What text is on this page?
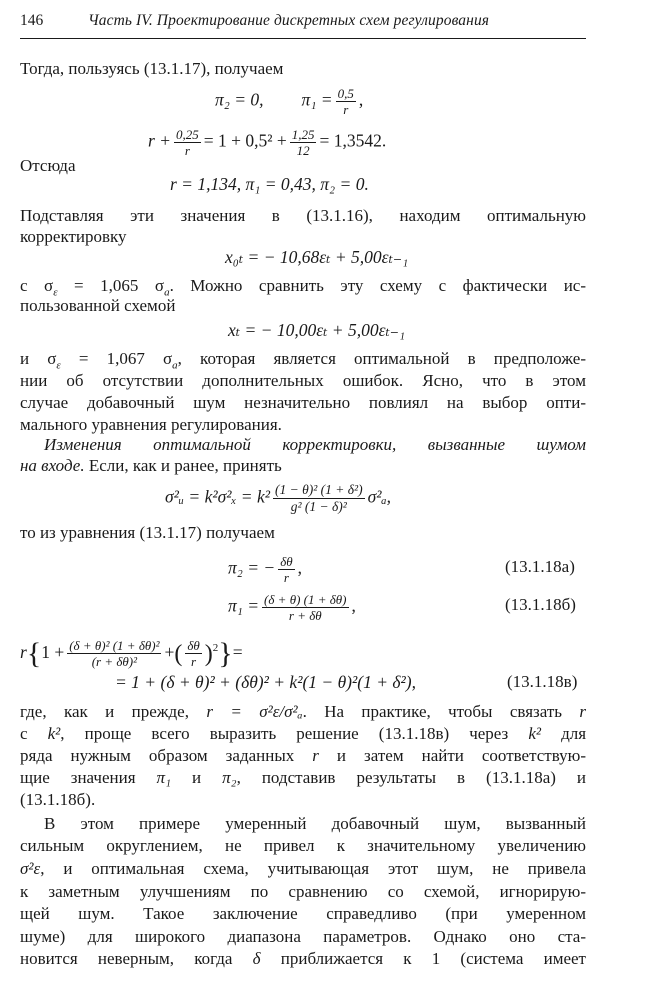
146	Часть IV. Проектирование дискретных схем регулирования
Тогда, пользуясь (13.1.17), получаем
π₂ = 0, $\pi_1 = \frac{0,5}{r}$ ,
$r + \frac{0,25}{r} = 1 + 0,5^2 + \frac{1,25}{12} = 1,3542$.
Отсюда
r = 1,134, π₁ = 0,43, π₂ = 0.
Подставляя эти значения в (13.1.16), находим оптимальную
корректировку
x₀ₜ = − 10,68εₜ + 5,00εₜ₋₁
с $\sigma_\varepsilon = 1,065$ $\sigma_a$. Можно сравнить эту схему с фактически ис-
пользованной схемой
xₜ = − 10,00εₜ + 5,00εₜ₋₁
и $\sigma_\varepsilon = 1,067$ $\sigma_a$, которая является оптимальной в предположе-
нии об отсутствии дополнительных ошибок. Ясно, что в этом
случае добавочный шум незначительно повлиял на выбор опти-
мального уравнения регулирования.
Изменения оптимальной корректировки, вызванные шумом
на входе. Если, как и ранее, принять
σ²ᵤ = $k^2\sigma^2_x = k^2 \frac{\text{(1 − θ)² (1 + δ²)}}{\text{g² (1 − δ)²}} \sigma^2_a$,
то из уравнения (13.1.17) получаем
π₂ = − $\frac{\delta\theta}{r}$ ,	(13.1.18а)
$\pi_1 = \frac{(\delta + \theta) (1 + \delta\theta)}{r + \delta\theta}$ ,	(13.1.18б)
$r\{1 + \frac{\text{(δ + θ)² (1 + δθ)²}}{\text{(r + δθ)²}}$ +( $\frac{\delta\theta}{r} )^2\}=$
= 1 + (δ + θ)² + (δθ)² + k²(1 − θ)²(1 + δ²),	(13.1.18в)
где, как и прежде, r = σ²ε/σ²ₐ. На практике, чтобы связать r
с k², проще всего выразить решение (13.1.18в) через k² для
ряда нужным образом заданных r и затем найти соответствую-
щие значения π₁ и π₂, подставив результаты в (13.1.18а) и
(13.1.18б).
В этом примере умеренный добавочный шум, вызванный
сильным округлением, не привел к значительному увеличению
σ²ε, и оптимальная схема, учитывающая этот шум, не привела
к заметным улучшениям по сравнению со схемой, игнорирую-
щей шум. Такое заключение справедливо (при умеренном
шуме) для широкого диапазона параметров. Однако оно ста-
новится неверным, когда δ приближается к 1 (система имеет
